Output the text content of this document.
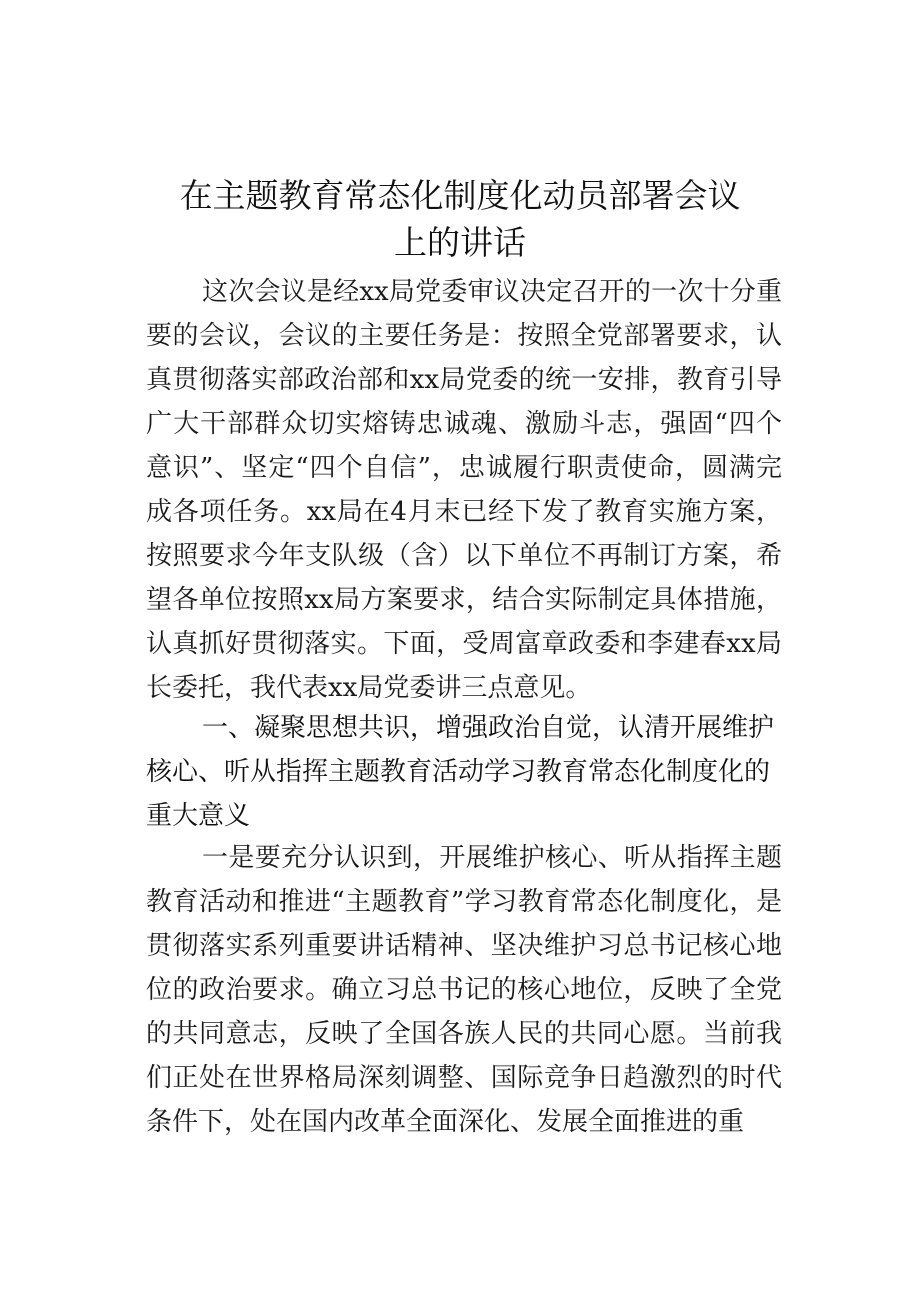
在主题教育常态化制度化动员部署会议
上的讲话

这次会议是经xx局党委审议决定召开的一次十分重要的会议，会议的主要任务是：按照全党部署要求，认真贯彻落实部政治部和xx局党委的统一安排，教育引导广大干部群众切实熔铸忠诚魂、激励斗志，强固“四个意识”、坚定“四个自信”，忠诚履行职责使命，圆满完成各项任务。xx局在4月末已经下发了教育实施方案，按照要求今年支队级（含）以下单位不再制订方案，希望各单位按照xx局方案要求，结合实际制定具体措施，认真抓好贯彻落实。下面，受周富章政委和李建春xx局长委托，我代表xx局党委讲三点意见。

一、凝聚思想共识，增强政治自觉，认清开展维护核心、听从指挥主题教育活动学习教育常态化制度化的重大意义

一是要充分认识到，开展维护核心、听从指挥主题教育活动和推进“主题教育”学习教育常态化制度化，是贯彻落实系列重要讲话精神、坚决维护习总书记核心地位的政治要求。确立习总书记的核心地位，反映了全党的共同意志，反映了全国各族人民的共同心愿。当前我们正处在世界格局深刻调整、国际竞争日趋激烈的时代条件下，处在国内改革全面深化、发展全面推进的重
